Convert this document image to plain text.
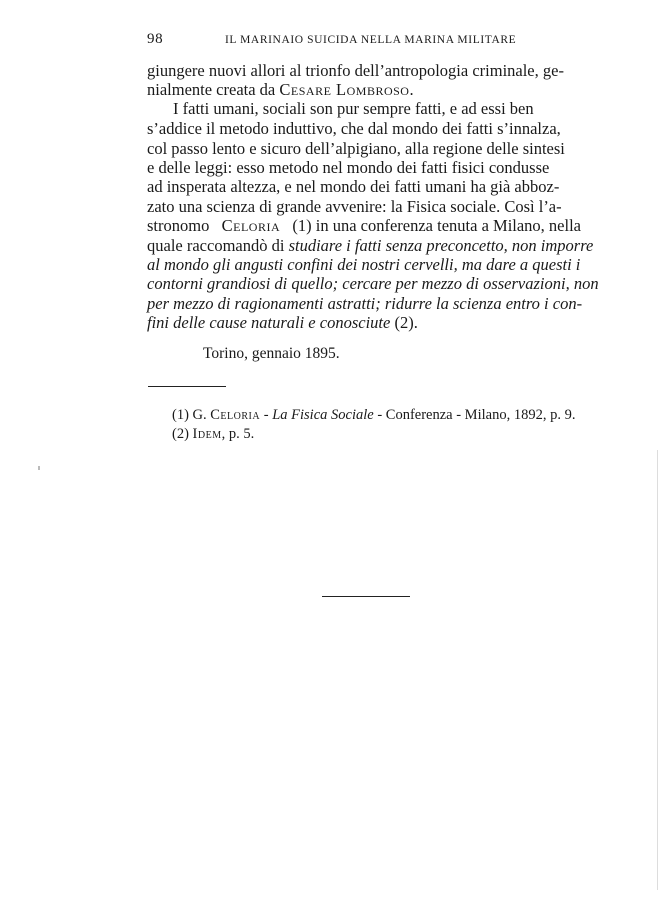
98	IL MARINAIO SUICIDA NELLA MARINA MILITARE
giungere nuovi allori al trionfo dell’antropologia criminale, ge-
nialmente creata da Cesare Lombroso .
I fatti umani, sociali son pur sempre fatti, e ad essi ben
s’addice il metodo induttivo, che dal mondo dei fatti s’innalza,
col passo lento e sicuro dell’alpigiano, alla regione delle sintesi
e delle leggi: esso metodo nel mondo dei fatti fisici condusse
ad insperata altezza, e nel mondo dei fatti umani ha già abboz-
zato una scienza di grande avvenire: la Fisica sociale. Così l’a-
stronomo Celoria (1) in una conferenza tenuta a Milano, nella
quale raccomandò di studiare i fatti senza preconcetto, non imporre
al mondo gli angusti confini dei nostri cervelli, ma dare a questi i
contorni grandiosi di quello; cercare per mezzo di osservazioni, non
per mezzo di ragionamenti astratti; ridurre la scienza entro i con-
fini delle cause naturali e conosciute (2).
Torino, gennaio 1895.
(1) G. Celoria - La Fisica Sociale - Conferenza - Milano, 1892, p. 9.
(2) Idem, p. 5.
